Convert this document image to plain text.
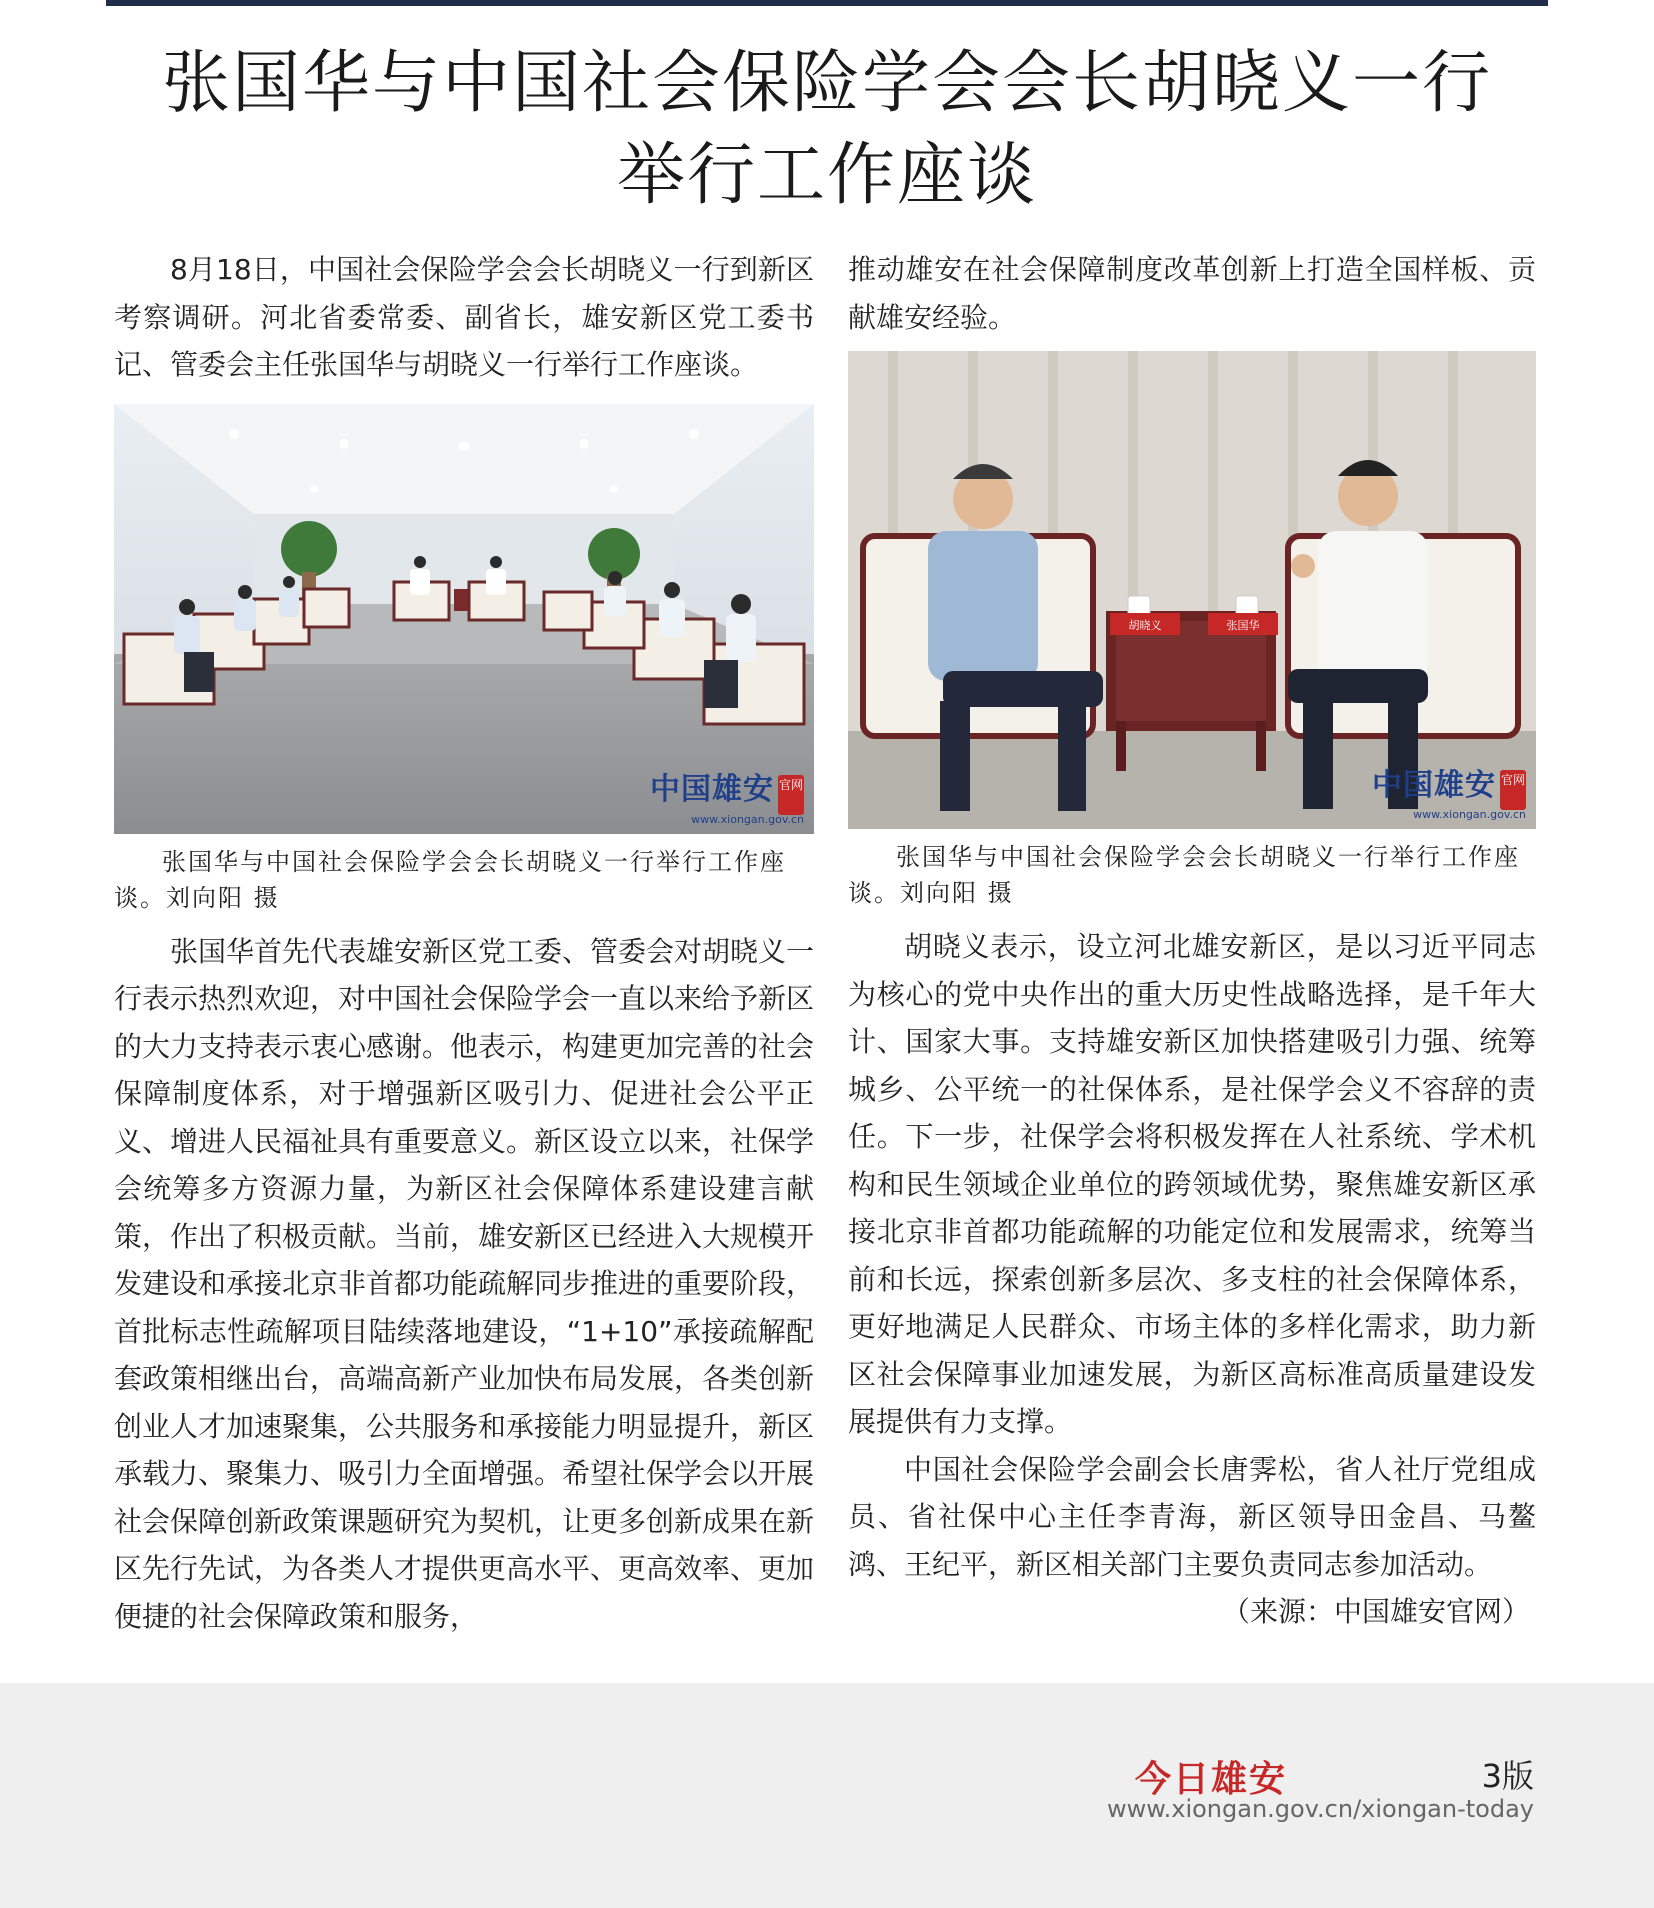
张国华与中国社会保险学会会长胡晓义一行
举行工作座谈

8月18日，中国社会保险学会会长胡晓义一行到新区考察调研。河北省委常委、副省长，雄安新区党工委书记、管委会主任张国华与胡晓义一行举行工作座谈。

中国雄安 官网
www.xiongan.gov.cn
张国华与中国社会保险学会会长胡晓义一行举行工作座谈。刘向阳 摄

张国华首先代表雄安新区党工委、管委会对胡晓义一行表示热烈欢迎，对中国社会保险学会一直以来给予新区的大力支持表示衷心感谢。他表示，构建更加完善的社会保障制度体系，对于增强新区吸引力、促进社会公平正义、增进人民福祉具有重要意义。新区设立以来，社保学会统筹多方资源力量，为新区社会保障体系建设建言献策，作出了积极贡献。当前，雄安新区已经进入大规模开发建设和承接北京非首都功能疏解同步推进的重要阶段，首批标志性疏解项目陆续落地建设，“1+10”承接疏解配套政策相继出台，高端高新产业加快布局发展，各类创新创业人才加速聚集，公共服务和承接能力明显提升，新区承载力、聚集力、吸引力全面增强。希望社保学会以开展社会保障创新政策课题研究为契机，让更多创新成果在新区先行先试，为各类人才提供更高水平、更高效率、更加便捷的社会保障政策和服务，

推动雄安在社会保障制度改革创新上打造全国样板、贡献雄安经验。

胡晓义	张国华
中国雄安 官网
www.xiongan.gov.cn
张国华与中国社会保险学会会长胡晓义一行举行工作座谈。刘向阳 摄

胡晓义表示，设立河北雄安新区，是以习近平同志为核心的党中央作出的重大历史性战略选择，是千年大计、国家大事。支持雄安新区加快搭建吸引力强、统筹城乡、公平统一的社保体系，是社保学会义不容辞的责任。下一步，社保学会将积极发挥在人社系统、学术机构和民生领域企业单位的跨领域优势，聚焦雄安新区承接北京非首都功能疏解的功能定位和发展需求，统筹当前和长远，探索创新多层次、多支柱的社会保障体系，更好地满足人民群众、市场主体的多样化需求，助力新区社会保障事业加速发展，为新区高标准高质量建设发展提供有力支撑。

中国社会保险学会副会长唐霁松，省人社厅党组成员、省社保中心主任李青海，新区领导田金昌、马鳌鸿、王纪平，新区相关部门主要负责同志参加活动。

（来源：中国雄安官网）
今日雄安	3版
www.xiongan.gov.cn/xiongan-today
